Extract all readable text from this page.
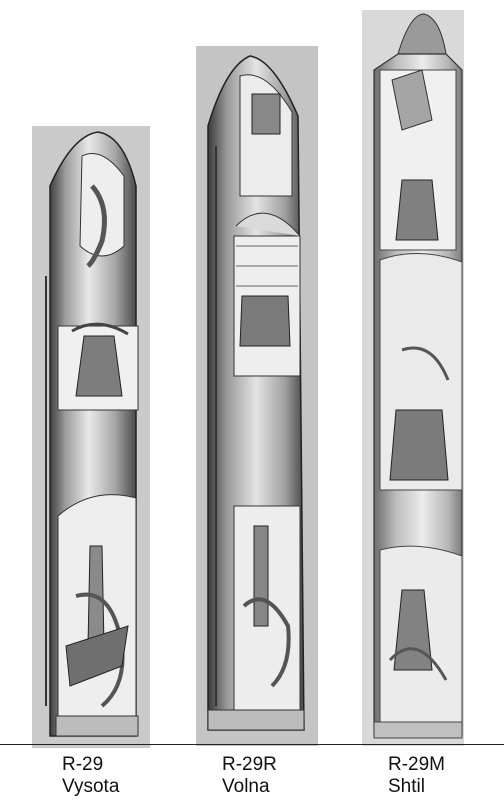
R-29
Vysota
R-29R
Volna
R-29M
Shtil
